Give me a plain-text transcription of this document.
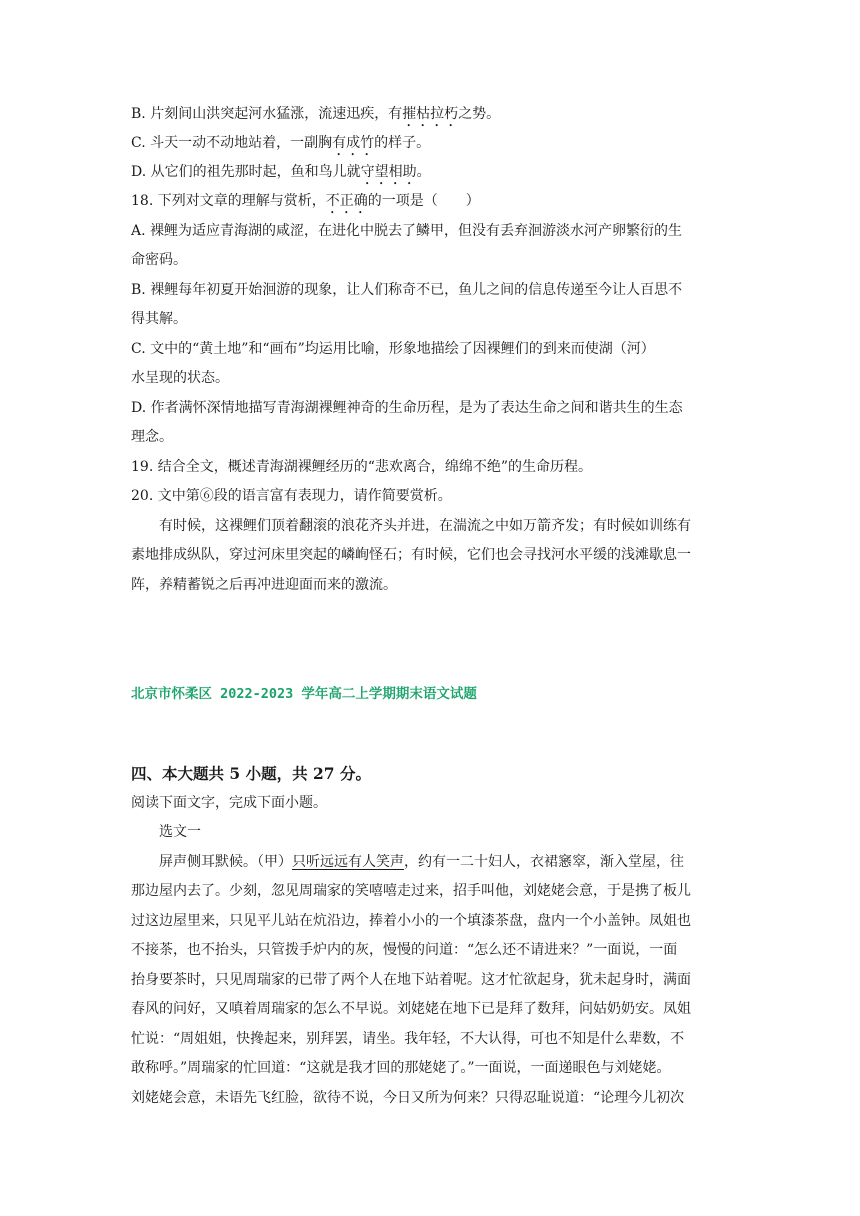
B. 片刻间山洪突起河水猛涨，流速迅疾，有摧枯拉朽之势。
C. 斗天一动不动地站着，一副胸有成竹的样子。
D. 从它们的祖先那时起，鱼和鸟儿就守望相助。
18. 下列对文章的理解与赏析，不正确的一项是（　　）
A. 裸鲤为适应青海湖的咸涩，在进化中脱去了鳞甲，但没有丢弃洄游淡水河产卵繁衍的生
命密码。
B. 裸鲤每年初夏开始洄游的现象，让人们称奇不已，鱼儿之间的信息传递至今让人百思不
得其解。
C. 文中的“黄土地”和“画布”均运用比喻，形象地描绘了因裸鲤们的到来而使湖（河）
水呈现的状态。
D. 作者满怀深情地描写青海湖裸鲤神奇的生命历程，是为了表达生命之间和谐共生的生态
理念。
19. 结合全文，概述青海湖裸鲤经历的“悲欢离合，绵绵不绝”的生命历程。
20. 文中第⑥段的语言富有表现力，请作简要赏析。
有时候，这裸鲤们顶着翻滚的浪花齐头并进，在湍流之中如万箭齐发；有时候如训练有
素地排成纵队，穿过河床里突起的嶙峋怪石；有时候，它们也会寻找河水平缓的浅滩歇息一
阵，养精蓄锐之后再冲进迎面而来的激流。
北京市怀柔区 2022-2023 学年高二上学期期末语文试题
四、本大题共 5 小题，共 27 分。
阅读下面文字，完成下面小题。
选文一
屏声侧耳默候。（甲）只听远远有人笑声，约有一二十妇人，衣裙窸窣，渐入堂屋，往
那边屋内去了。少刻，忽见周瑞家的笑嘻嘻走过来，招手叫他，刘姥姥会意，于是携了板儿
过这边屋里来，只见平儿站在炕沿边，捧着小小的一个填漆茶盘，盘内一个小盖钟。凤姐也
不接茶，也不抬头，只管拨手炉内的灰，慢慢的问道：“怎么还不请进来？”一面说，一面
抬身要茶时，只见周瑞家的已带了两个人在地下站着呢。这才忙欲起身，犹未起身时，满面
春风的问好，又嗔着周瑞家的怎么不早说。刘姥姥在地下已是拜了数拜，问姑奶奶安。凤姐
忙说：“周姐姐，快搀起来，别拜罢，请坐。我年轻，不大认得，可也不知是什么辈数，不
敢称呼。”周瑞家的忙回道：“这就是我才回的那姥姥了。”一面说，一面递眼色与刘姥姥。
刘姥姥会意，未语先飞红脸，欲待不说，今日又所为何来？只得忍耻说道：“论理今儿初次
